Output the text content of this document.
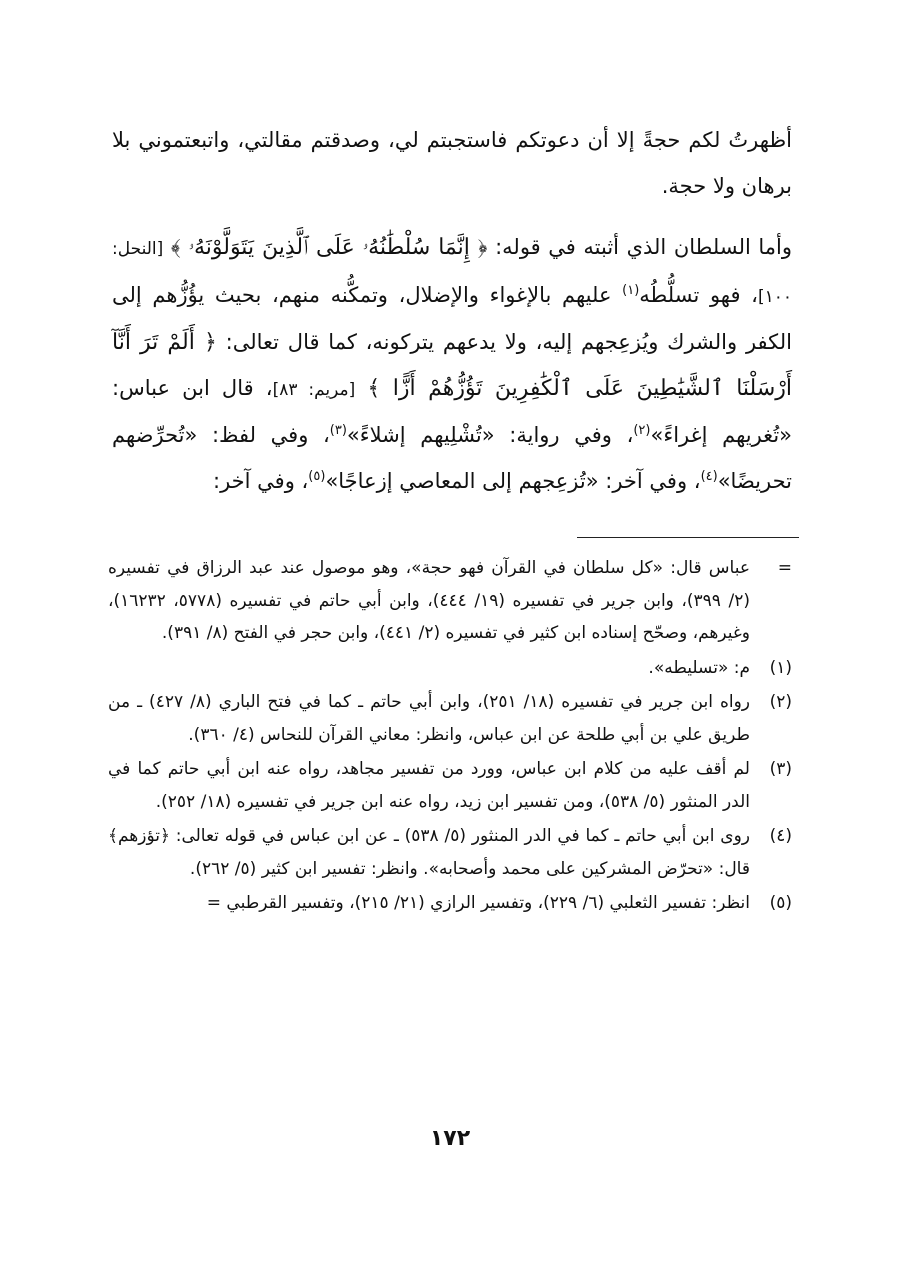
أظهرتُ لكم حجةً إلا أن دعوتكم فاستجبتم لي، وصدقتم مقالتي، واتبعتموني بلا برهان ولا حجة.

وأما السلطان الذي أثبته في قوله: ﴿ إِنَّمَا سُلْطَٰنُهُۥ عَلَى ٱلَّذِينَ يَتَوَلَّوْنَهُۥ ﴾ [النحل: ١٠٠]، فهو تسلُّطُه$^{(١)}$ عليهم بالإغواء والإضلال، وتمكُّنه منهم، بحيث يؤُزُّهم إلى الكفر والشرك ويُزعِجهم إليه، ولا يدعهم يتركونه، كما قال تعالى: ﴿ أَلَمْ تَرَ أَنَّآ أَرْسَلْنَا ٱلشَّيَٰطِينَ عَلَى ٱلْكَٰفِرِينَ تَؤُزُّهُمْ أَزًّا ﴾ [مريم: ٨٣]، قال ابن عباس: «تُغريهم إغراءً»$^{(٢)}$، وفي رواية: «تُشْلِيهم إشلاءً»$^{(٣)}$، وفي لفظ: «تُحرِّضهم تحريضًا»$^{(٤)}$، وفي آخر: «تُزعِجهم إلى المعاصي إزعاجًا»$^{(٥)}$، وفي آخر:

=
عباس قال: «كل سلطان في القرآن فهو حجة»، وهو موصول عند عبد الرزاق في تفسيره (٢/ ٣٩٩)، وابن جرير في تفسيره (١٩/ ٤٤٤)، وابن أبي حاتم في تفسيره (٥٧٧٨، ١٦٢٣٢)، وغيرهم، وصحّح إسناده ابن كثير في تفسيره (٢/ ٤٤١)، وابن حجر في الفتح (٨/ ٣٩١).
(١)
م: «تسليطه».
(٢)
رواه ابن جرير في تفسيره (١٨/ ٢٥١)، وابن أبي حاتم ـ كما في فتح الباري (٨/ ٤٢٧) ـ من طريق علي بن أبي طلحة عن ابن عباس، وانظر: معاني القرآن للنحاس (٤/ ٣٦٠).
(٣)
لم أقف عليه من كلام ابن عباس، وورد من تفسير مجاهد، رواه عنه ابن أبي حاتم كما في الدر المنثور (٥/ ٥٣٨)، ومن تفسير ابن زيد، رواه عنه ابن جرير في تفسيره (١٨/ ٢٥٢).
(٤)
روى ابن أبي حاتم ـ كما في الدر المنثور (٥/ ٥٣٨) ـ عن ابن عباس في قوله تعالى: ﴿تؤزهم﴾ قال: «تحرّض المشركين على محمد وأصحابه». وانظر: تفسير ابن كثير (٥/ ٢٦٢).
(٥)
انظر: تفسير الثعلبي (٦/ ٢٢٩)، وتفسير الرازي (٢١/ ٢١٥)، وتفسير القرطبي =
١٧٢
